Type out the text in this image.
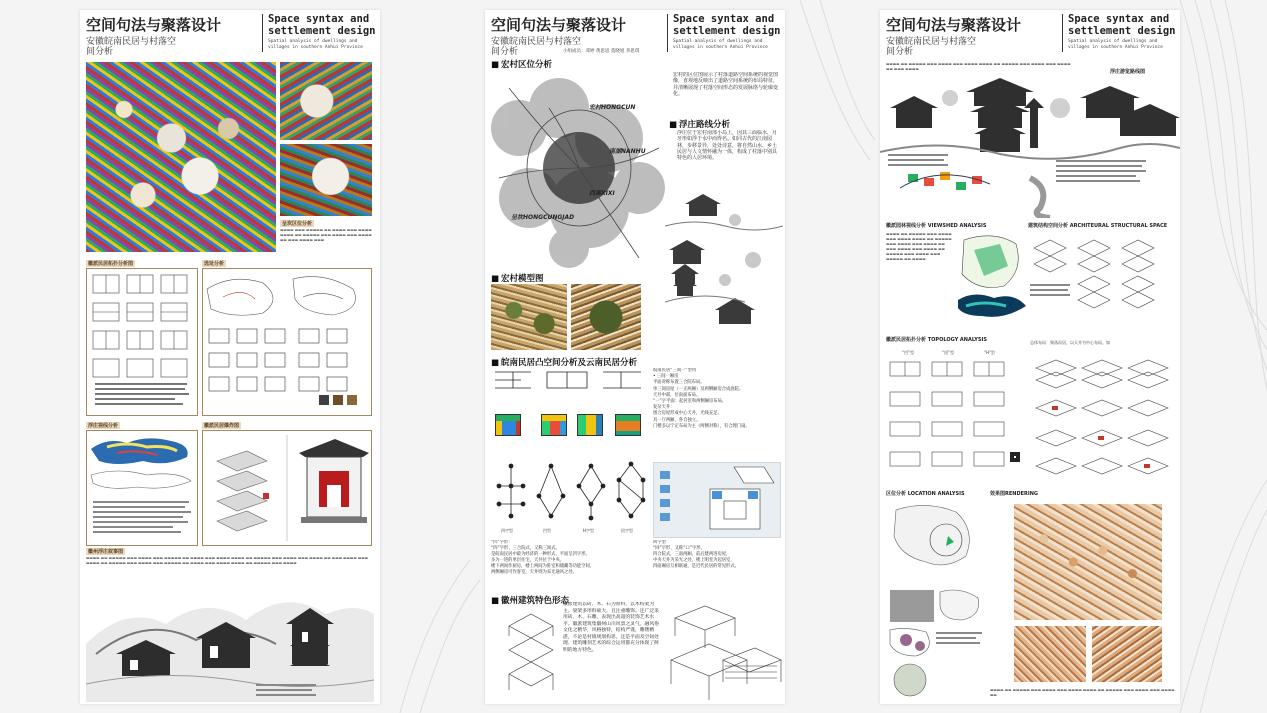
空间句法与聚落设计
安徽皖南民居与村落空间分析
Space syntax and settlement design
Spatial analysis of dwellings and villages in southern Anhui Province
呈坎区位分析
▬▬▬▬ ▬▬▬ ▬▬▬▬▬ ▬▬ ▬▬▬▬ ▬▬▬ ▬▬▬▬ ▬▬▬▬ ▬▬ ▬▬▬▬▬ ▬▬▬ ▬▬▬▬ ▬▬▬ ▬▬▬▬ ▬▬ ▬▬▬ ▬▬▬▬ ▬▬▬
徽派民居拓扑分析图	选址分析
浮庄视线分析	徽派民居爆炸图
徽州浮庄叙事图
▬▬▬▬ ▬▬ ▬▬▬▬▬ ▬▬▬ ▬▬▬▬ ▬▬▬ ▬▬▬▬▬ ▬▬ ▬▬▬▬ ▬▬▬ ▬▬▬▬ ▬▬▬▬ ▬▬ ▬▬▬▬▬ ▬▬▬ ▬▬▬▬ ▬▬▬ ▬▬▬▬ ▬▬ ▬▬▬ ▬▬▬▬ ▬▬▬ ▬▬▬▬ ▬▬ ▬▬▬▬▬ ▬▬▬ ▬▬▬▬ ▬▬▬ ▬▬▬▬▬ ▬▬ ▬▬▬▬ ▬▬▬ ▬▬▬▬ ▬▬▬▬ ▬▬ ▬▬▬▬▬ ▬▬▬ ▬▬▬▬
空间句法与聚落设计
安徽皖南民居与村落空间分析
Space syntax and settlement design
Spatial analysis of dwellings and villages in southern Anhui Province
小组成员：邓婷 黄思思 莫晓旭 李思琪
■ 宏村区位分析
宏村HONGCUN
南湖NANHU
西溪XIXI
呈坎HONGCUNGJAD
宏村的区位图展示了村落道路空间系统的视觉图像，直观地反映出了道路空间系统的布局特征，并清晰展现了村落空间形态的发展脉络与轮廓变化。
■ 浮庄路线分析
浮庄位于宏村南部小岛上，因其三面临水，月牙形如浮于水中而得名。如同古代的江南园林，步移景异，处处诗意，将自然山水、乡土民居与人文情怀融为一体，构成了村落中别具特色的人居环境。
■ 宏村模型图
■ 皖南民居凸空间分析及云南民居分析
四字型	凹型	H字型	回字型
皖南民居“三间一”型用
• 三间一厢房
平面对称布置三合院布局。
单三间房屋（一正两厢）及两侧厢房合成庭院。
天井中部，位南面布局。
“一”字平面：起居室和两侧厢房布局。
复杂天井：
围合房屋形成中心天井，光线充足。
具一厅两厢，各自独立。
门楼多以宁定布局为主（两侧对称），有合理门扇。
“凹”字形：
“四”字形，三合院式，又称三间式。
是皖南民居中最为经济的一种形式，平面呈凹字形。
多为一进的单层住宅，天井位于中央，
楼下两间作厨房，楼上两间为卧室和储藏等功能空间，
两侧厢房可作客室，天井则为采光通风之处。
回字型
“回”字形，又称“口”字形，
四合院式，三面两厢，前后建两进房屋，
中央天井为采光之处，楼上明堂为起居室，
四面厢房互相联通，是近代民居的常见形式。
■ 徽州建筑特色形态
徽派建筑以砖、木、石为原料，以木构架为主。梁架多用料硕大，且注重雕饰。还广泛采用砖、木、石雕，表现出高超的装饰艺术水平。徽派建筑集徽州山川风景之灵气，融风俗文化之精华，风格独特，结构严谨，雕镂精湛，不论是村镇规划构思，还是平面及空间处理、建筑雕刻艺术的综合运用都充分体现了鲜明的地方特色。
空间句法与聚落设计
安徽皖南民居与村落空间分析
Space syntax and settlement design
Spatial analysis of dwellings and villages in southern Anhui Province
▬▬▬▬ ▬▬ ▬▬▬▬▬ ▬▬▬ ▬▬▬▬ ▬▬▬ ▬▬▬▬ ▬▬▬▬ ▬▬ ▬▬▬▬▬ ▬▬▬ ▬▬▬▬ ▬▬▬ ▬▬▬▬ ▬▬ ▬▬▬ ▬▬▬▬	浮庄游览路线图
徽派园林视线分析 VIEWSHED ANALYSIS	建筑结构空间分析 ARCHITEURAL STRUCTURAL SPACE
▬▬▬▬ ▬▬ ▬▬▬▬▬ ▬▬▬ ▬▬▬▬ ▬▬▬ ▬▬▬▬ ▬▬▬▬ ▬▬ ▬▬▬▬▬ ▬▬▬ ▬▬▬▬ ▬▬▬ ▬▬▬▬ ▬▬ ▬▬▬ ▬▬▬▬ ▬▬▬ ▬▬▬▬ ▬▬ ▬▬▬▬▬ ▬▬▬ ▬▬▬▬ ▬▬▬ ▬▬▬▬▬ ▬▬ ▬▬▬▬
徽派民居拓扑分析 TOPOLOGY ANALYSIS	总体布局：聚落而居，以天井为中心布局。如
“凹”型	“回”型	“H”型
区位分析 LOCATION ANALYSIS	效果图RENDERING
▬▬▬▬ ▬▬ ▬▬▬▬▬ ▬▬▬ ▬▬▬▬ ▬▬▬ ▬▬▬▬ ▬▬▬▬ ▬▬ ▬▬▬▬▬ ▬▬▬ ▬▬▬▬ ▬▬▬ ▬▬▬▬ ▬▬
